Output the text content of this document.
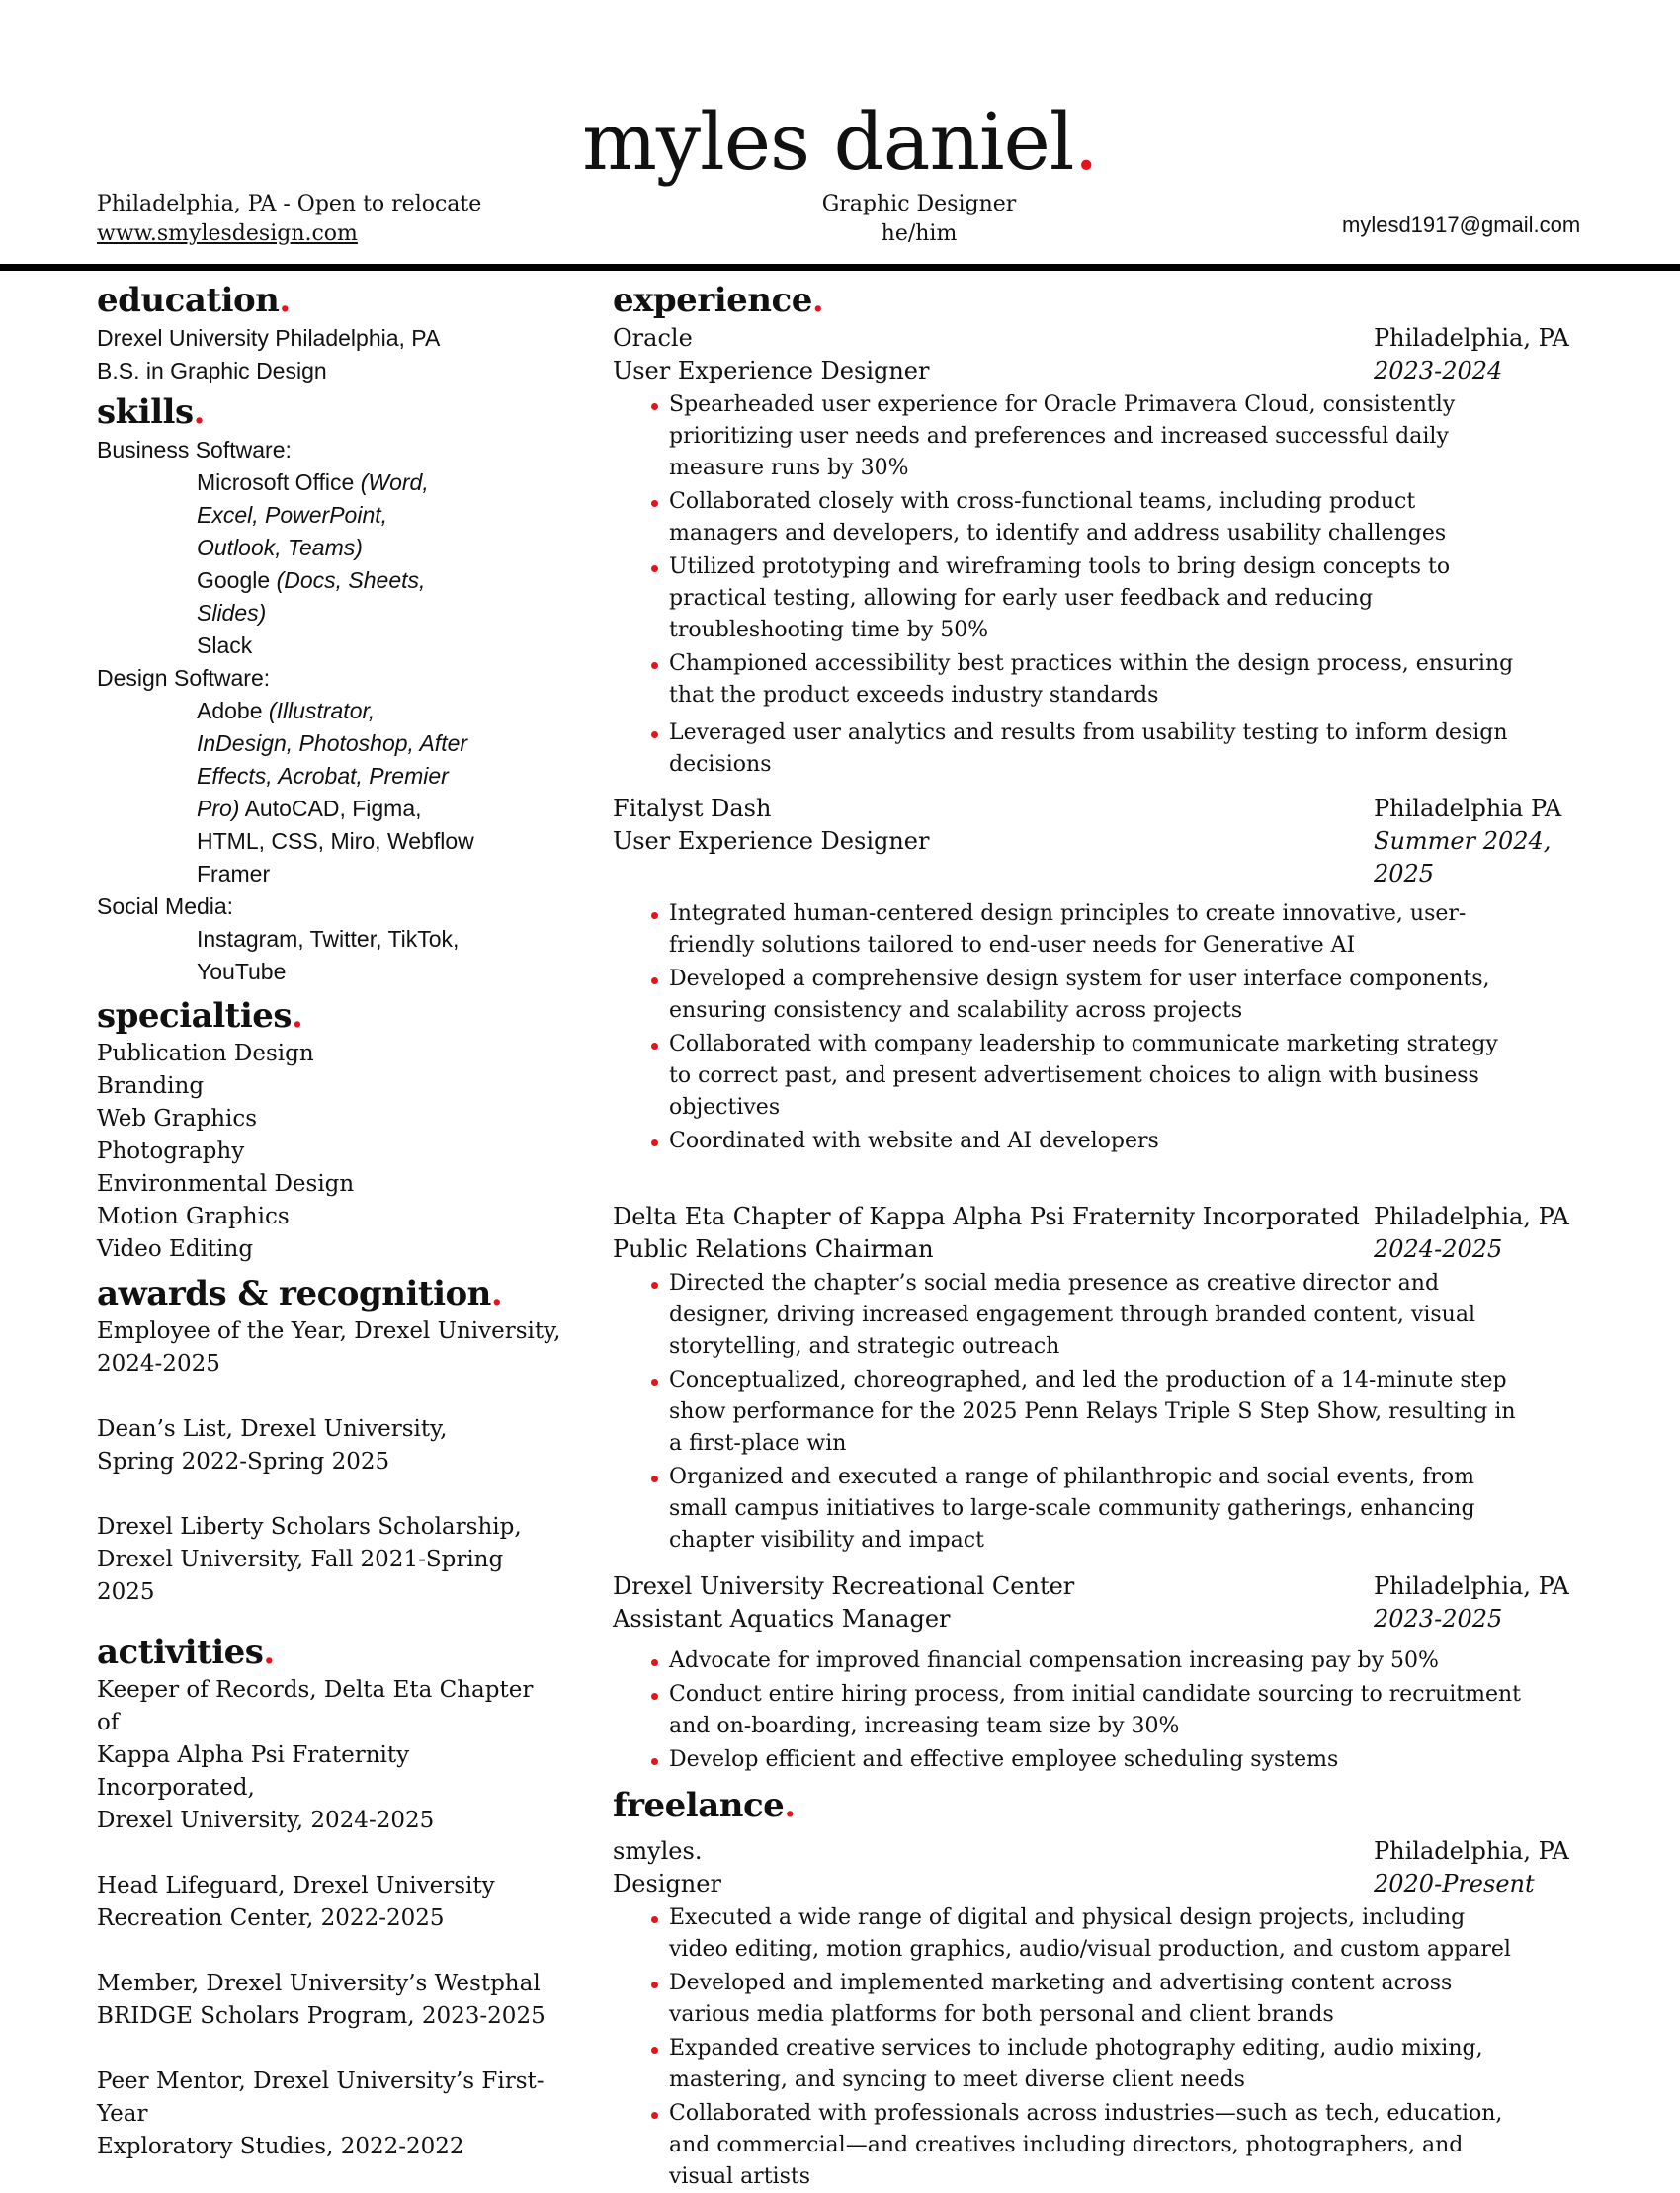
myles daniel.
Philadelphia, PA - Open to relocate
www.smylesdesign.com
Graphic Designer
he/him	mylesd1917@gmail.com
education.
Drexel University Philadelphia, PA
B.S. in Graphic Design
skills.
Business Software:
Microsoft Office (Word,
Excel, PowerPoint,
Outlook, Teams)
Google (Docs, Sheets,
Slides)
Slack
Design Software:
Adobe (Illustrator,
InDesign, Photoshop, After
Effects, Acrobat, Premier
Pro) AutoCAD, Figma,
HTML, CSS, Miro, Webflow
Framer
Social Media:
Instagram, Twitter, TikTok,
YouTube
specialties.
Publication Design
Branding
Web Graphics
Photography
Environmental Design
Motion Graphics
Video Editing
awards & recognition.
Employee of the Year, Drexel University,
2024-2025
Dean’s List, Drexel University,
Spring 2022-Spring 2025
Drexel Liberty Scholars Scholarship,
Drexel University, Fall 2021-Spring 2025
activities.
Keeper of Records, Delta Eta Chapter of
Kappa Alpha Psi Fraternity Incorporated,
Drexel University, 2024-2025
Head Lifeguard, Drexel University
Recreation Center, 2022-2025
Member, Drexel University’s Westphal
BRIDGE Scholars Program, 2023-2025
Peer Mentor, Drexel University’s First-Year
Exploratory Studies, 2022-2022
experience.
Oracle	Philadelphia, PA
User Experience Designer	2023-2024
Spearheaded user experience for Oracle Primavera Cloud, consistently prioritizing user needs and preferences and increased successful daily measure runs by 30%
Collaborated closely with cross-functional teams, including product managers and developers, to identify and address usability challenges
Utilized prototyping and wireframing tools to bring design concepts to practical testing, allowing for early user feedback and reducing troubleshooting time by 50%
Championed accessibility best practices within the design process, ensuring that the product exceeds industry standards
Leveraged user analytics and results from usability testing to inform design decisions
Fitalyst Dash	Philadelphia PA
User Experience Designer	Summer 2024, 2025
Integrated human-centered design principles to create innovative, user-friendly solutions tailored to end-user needs for Generative AI
Developed a comprehensive design system for user interface components, ensuring consistency and scalability across projects
Collaborated with company leadership to communicate marketing strategy to correct past, and present advertisement choices to align with business objectives
Coordinated with website and AI developers
Delta Eta Chapter of Kappa Alpha Psi Fraternity Incorporated Philadelphia, PA
Public Relations Chairman	2024-2025
Directed the chapter’s social media presence as creative director and designer, driving increased engagement through branded content, visual storytelling, and strategic outreach
Conceptualized, choreographed, and led the production of a 14-minute step show performance for the 2025 Penn Relays Triple S Step Show, resulting in a first-place win
Organized and executed a range of philanthropic and social events, from small campus initiatives to large-scale community gatherings, enhancing chapter visibility and impact
Drexel University Recreational Center	Philadelphia, PA
Assistant Aquatics Manager	2023-2025
Advocate for improved financial compensation increasing pay by 50%
Conduct entire hiring process, from initial candidate sourcing to recruitment and on-boarding, increasing team size by 30%
Develop efficient and effective employee scheduling systems
freelance.
smyles.	Philadelphia, PA
Designer	2020-Present
Executed a wide range of digital and physical design projects, including video editing, motion graphics, audio/visual production, and custom apparel
Developed and implemented marketing and advertising content across various media platforms for both personal and client brands
Expanded creative services to include photography editing, audio mixing, mastering, and syncing to meet diverse client needs
Collaborated with professionals across industries—such as tech, education, and commercial—and creatives including directors, photographers, and visual artists
